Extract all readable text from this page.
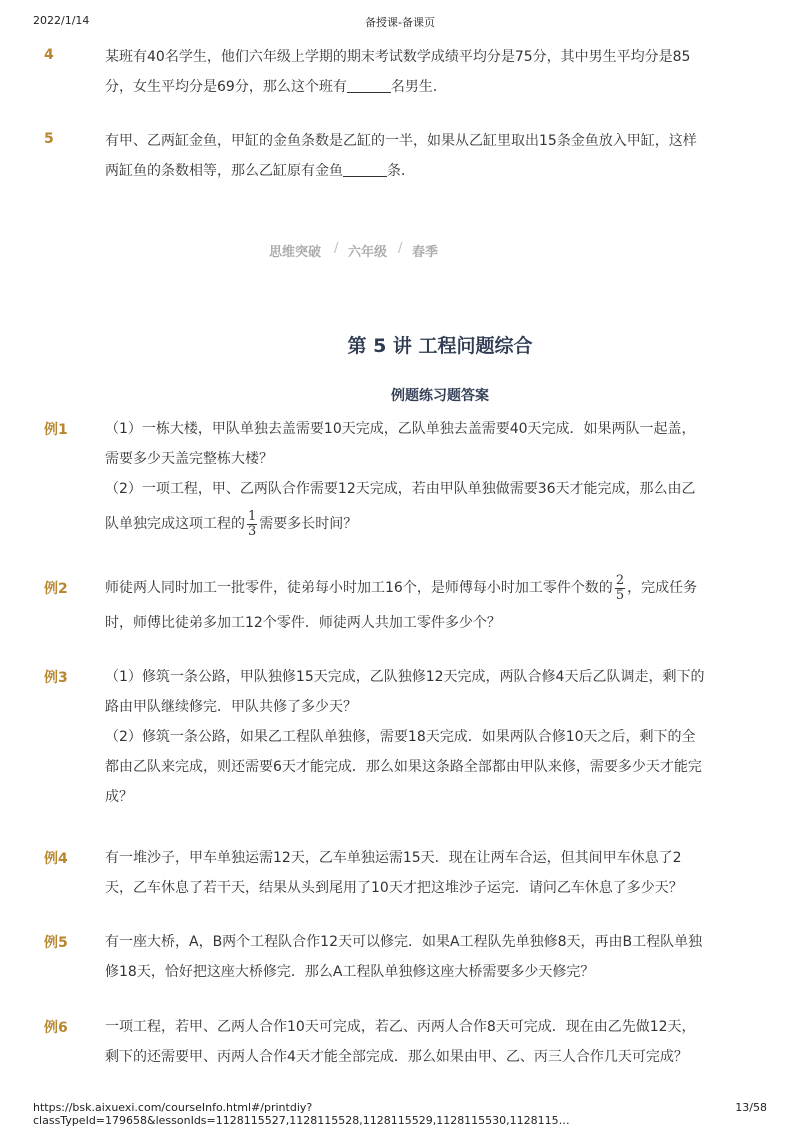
2022/1/14	备授课-备课页
4	某班有40名学生，他们六年级上学期的期末考试数学成绩平均分是75分，其中男生平均分是85
分，女生平均分是69分，那么这个班有	名男生．
5	有甲、乙两缸金鱼，甲缸的金鱼条数是乙缸的一半，如果从乙缸里取出15条金鱼放入甲缸，这样
两缸鱼的条数相等，那么乙缸原有金鱼	条．
思维突破 / 六年级 / 春季
第 5 讲 工程问题综合
例题练习题答案
例1	（1）一栋大楼，甲队单独去盖需要10天完成，乙队单独去盖需要40天完成．如果两队一起盖，

需要多少天盖完整栋大楼？

（2）一项工程，甲、乙两队合作需要12天完成，若由甲队单独做需要36天才能完成，那么由乙

队单独完成这项工程的 $\frac{1}{3}$ 需要多长时间？

例2	师徒两人同时加工一批零件，徒弟每小时加工16个，是师傅每小时加工零件个数的 $\frac{2}{5}$ ，完成任务

时，师傅比徒弟多加工12个零件．师徒两人共加工零件多少个？

例3	（1）修筑一条公路，甲队独修15天完成，乙队独修12天完成，两队合修4天后乙队调走，剩下的

路由甲队继续修完．甲队共修了多少天？

（2）修筑一条公路，如果乙工程队单独修，需要18天完成．如果两队合修10天之后，剩下的全

都由乙队来完成，则还需要6天才能完成．那么如果这条路全部都由甲队来修，需要多少天才能完

成？

例4	有一堆沙子，甲车单独运需12天，乙车单独运需15天．现在让两车合运，但其间甲车休息了2

天，乙车休息了若干天，结果从头到尾用了10天才把这堆沙子运完．请问乙车休息了多少天？

例5	有一座大桥，A，B两个工程队合作12天可以修完．如果A工程队先单独修8天，再由B工程队单独

修18天，恰好把这座大桥修完．那么A工程队单独修这座大桥需要多少天修完？

例6	一项工程，若甲、乙两人合作10天可完成，若乙、丙两人合作8天可完成．现在由乙先做12天，

剩下的还需要甲、丙两人合作4天才能全部完成．那么如果由甲、乙、丙三人合作几天可完成？

https://bsk.aixuexi.com/courseInfo.html#/printdiy?classTypeId=179658&lessonIds=1128115527,1128115528,1128115529,1128115530,1128115…
13/58
